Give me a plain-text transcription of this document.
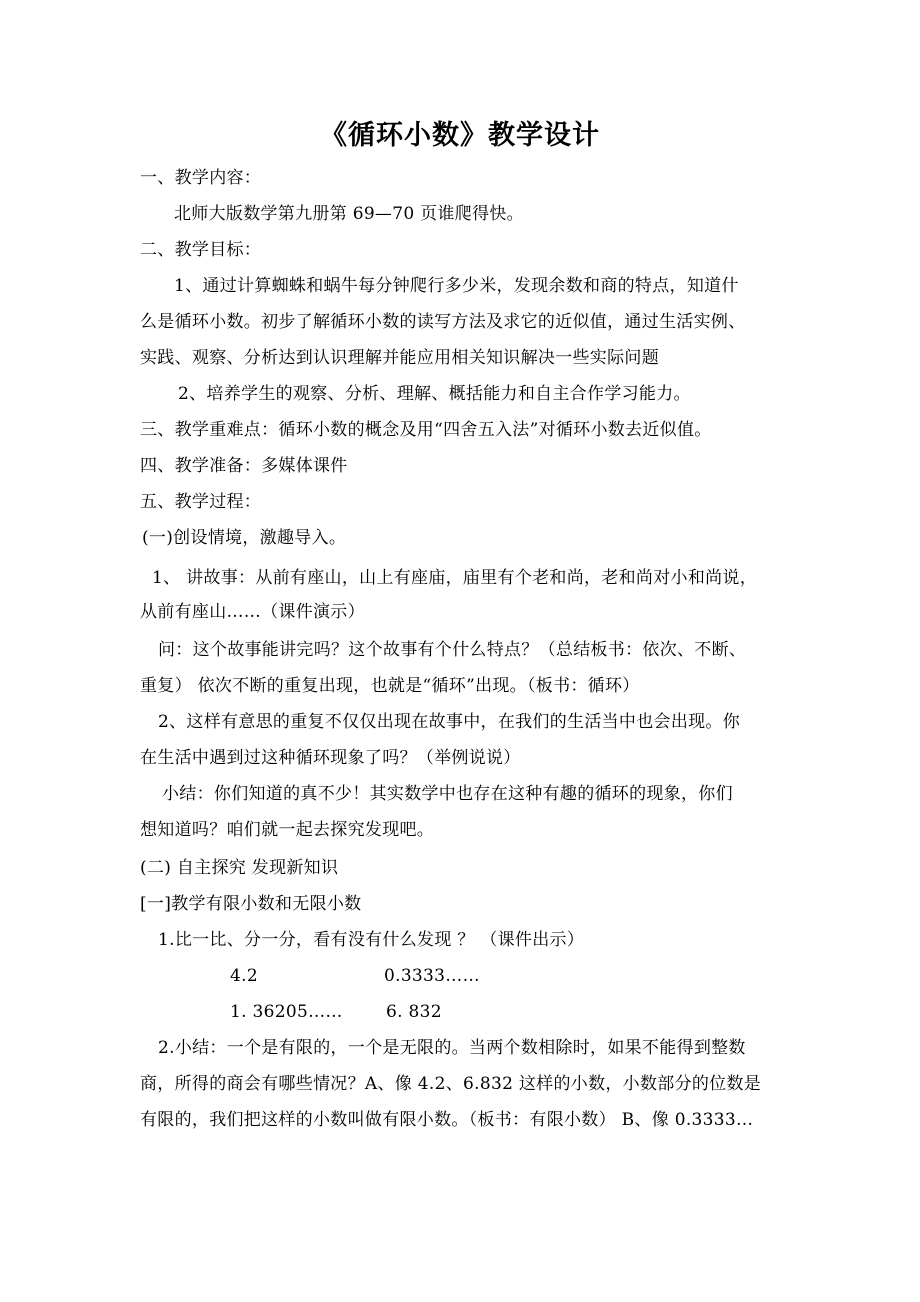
《循环小数》教学设计
一、教学内容：
北师大版数学第九册第 69—70 页谁爬得快。
二、教学目标：
1、通过计算蜘蛛和蜗牛每分钟爬行多少米，发现余数和商的特点，知道什
么是循环小数。初步了解循环小数的读写方法及求它的近似值，通过生活实例、
实践、观察、分析达到认识理解并能应用相关知识解决一些实际问题
2、培养学生的观察、分析、理解、概括能力和自主合作学习能力。
三、教学重难点：循环小数的概念及用“四舍五入法”对循环小数去近似值。
四、教学准备：多媒体课件
五、教学过程：
(一)创设情境，激趣导入。
1、 讲故事：从前有座山，山上有座庙，庙里有个老和尚，老和尚对小和尚说，
从前有座山……（课件演示）
问：这个故事能讲完吗？这个故事有个什么特点？（总结板书：依次、不断、
重复） 依次不断的重复出现，也就是“循环”出现。（板书：循环）
2、这样有意思的重复不仅仅出现在故事中，在我们的生活当中也会出现。你
在生活中遇到过这种循环现象了吗？（举例说说）
小结：你们知道的真不少！其实数学中也存在这种有趣的循环的现象，你们
想知道吗？咱们就一起去探究发现吧。
(二) 自主探究 发现新知识
[一]教学有限小数和无限小数
1.比一比、分一分，看有没有什么发现 ？ （课件出示）
4.2	0.3333……
1. 36205……	6. 832
2.小结：一个是有限的，一个是无限的。当两个数相除时，如果不能得到整数
商，所得的商会有哪些情况？A、像 4.2、6.832 这样的小数，小数部分的位数是
有限的，我们把这样的小数叫做有限小数。（板书：有限小数） B、像 0.3333…
